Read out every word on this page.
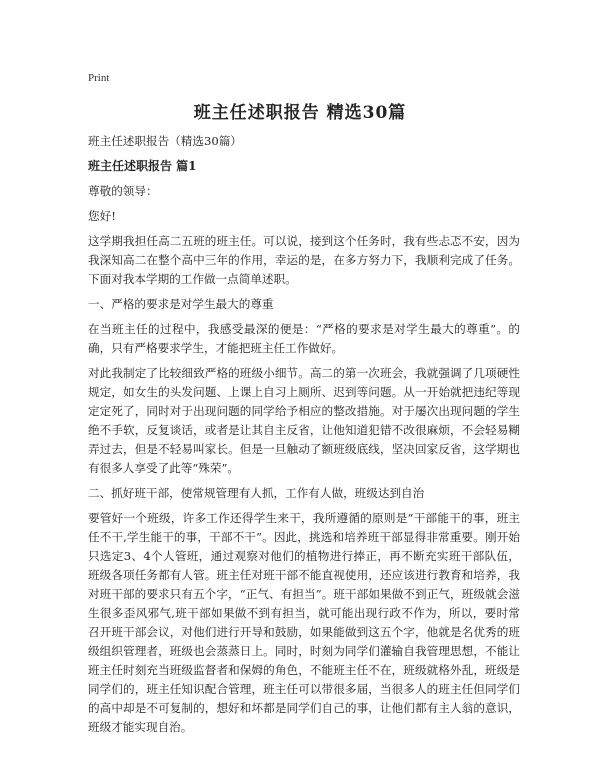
Print
班主任述职报告 精选30篇

班主任述职报告（精选30篇）

班主任述职报告 篇1

尊敬的领导：

您好!

这学期我担任高二五班的班主任。可以说，接到这个任务时，我有些忐忑不安，因为我深知高二在整个高中三年的作用，幸运的是，在多方努力下，我顺利完成了任务。下面对我本学期的工作做一点简单述职。

一、严格的要求是对学生最大的尊重

在当班主任的过程中，我感受最深的便是：“严格的要求是对学生最大的尊重”。的确，只有严格要求学生，才能把班主任工作做好。

对此我制定了比较细致严格的班级小细节。高二的第一次班会，我就强调了几项硬性规定，如女生的头发问题、上课上自习上厕所、迟到等问题。从一开始就把违纪等现定定死了，同时对于出现问题的同学给予相应的整改措施。对于屡次出现问题的学生绝不手软，反复谈话，或者是让其自主反省，让他知道犯错不改很麻烦，不会轻易糊弄过去，但是不轻易叫家长。但是一旦触动了额班级底线，坚决回家反省，这学期也有很多人享受了此等“殊荣”。

二、抓好班干部，使常规管理有人抓，工作有人做，班级达到自治

要管好一个班级，许多工作还得学生来干，我所遵循的原则是“干部能干的事，班主任不干,学生能干的事，干部不干”。因此，挑选和培养班干部显得非常重要。刚开始只选定3、4个人管班，通过观察对他们的植物进行捧正，再不断充实班干部队伍，班级各项任务都有人管。班主任对班干部不能直视使用，还应该进行教育和培养，我对班干部的要求只有五个字，“正气、有担当”。班干部如果做不到正气，班级就会滋生很多歪风邪气,班干部如果做不到有担当，就可能出现行政不作为，所以，要时常召开班干部会议，对他们进行开导和鼓励，如果能做到这五个字，他就是名优秀的班级组织管理者，班级也会蒸蒸日上。同时，时刻为同学们灌输自我管理思想，不能让班主任时刻充当班级监督者和保姆的角色，不能班主任不在，班级就格外乱，班级是同学们的，班主任知识配合管理，班主任可以带很多届，当很多人的班主任但同学们的高中却是不可复制的，想好和坏都是同学们自己的事，让他们都有主人翁的意识，班级才能实现自治。
